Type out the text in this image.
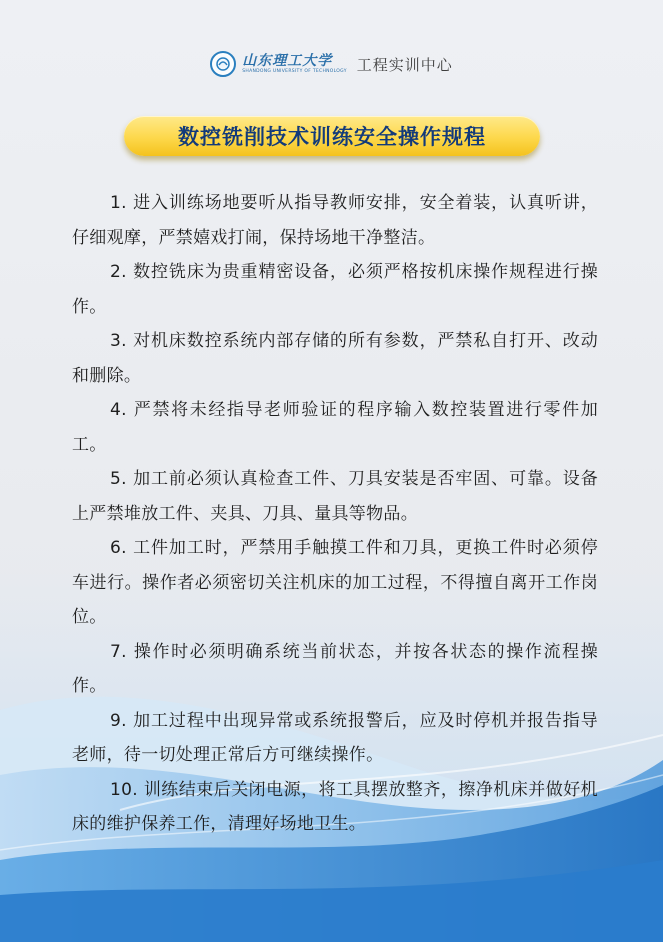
山东理工大学
SHANDONG UNIVERSITY OF TECHNOLOGY 工程实训中心
数控铣削技术训练安全操作规程

1. 进入训练场地要听从指导教师安排，安全着装，认真听讲，仔细观摩，严禁嬉戏打闹，保持场地干净整洁。

2. 数控铣床为贵重精密设备，必须严格按机床操作规程进行操作。

3. 对机床数控系统内部存储的所有参数，严禁私自打开、改动和删除。

4. 严禁将未经指导老师验证的程序输入数控装置进行零件加工。

5. 加工前必须认真检查工件、刀具安装是否牢固、可靠。设备上严禁堆放工件、夹具、刀具、量具等物品。

6. 工件加工时，严禁用手触摸工件和刀具，更换工件时必须停车进行。操作者必须密切关注机床的加工过程，不得擅自离开工作岗位。

7. 操作时必须明确系统当前状态，并按各状态的操作流程操作。

9. 加工过程中出现异常或系统报警后，应及时停机并报告指导老师，待一切处理正常后方可继续操作。

10. 训练结束后关闭电源，将工具摆放整齐，擦净机床并做好机床的维护保养工作，清理好场地卫生。
